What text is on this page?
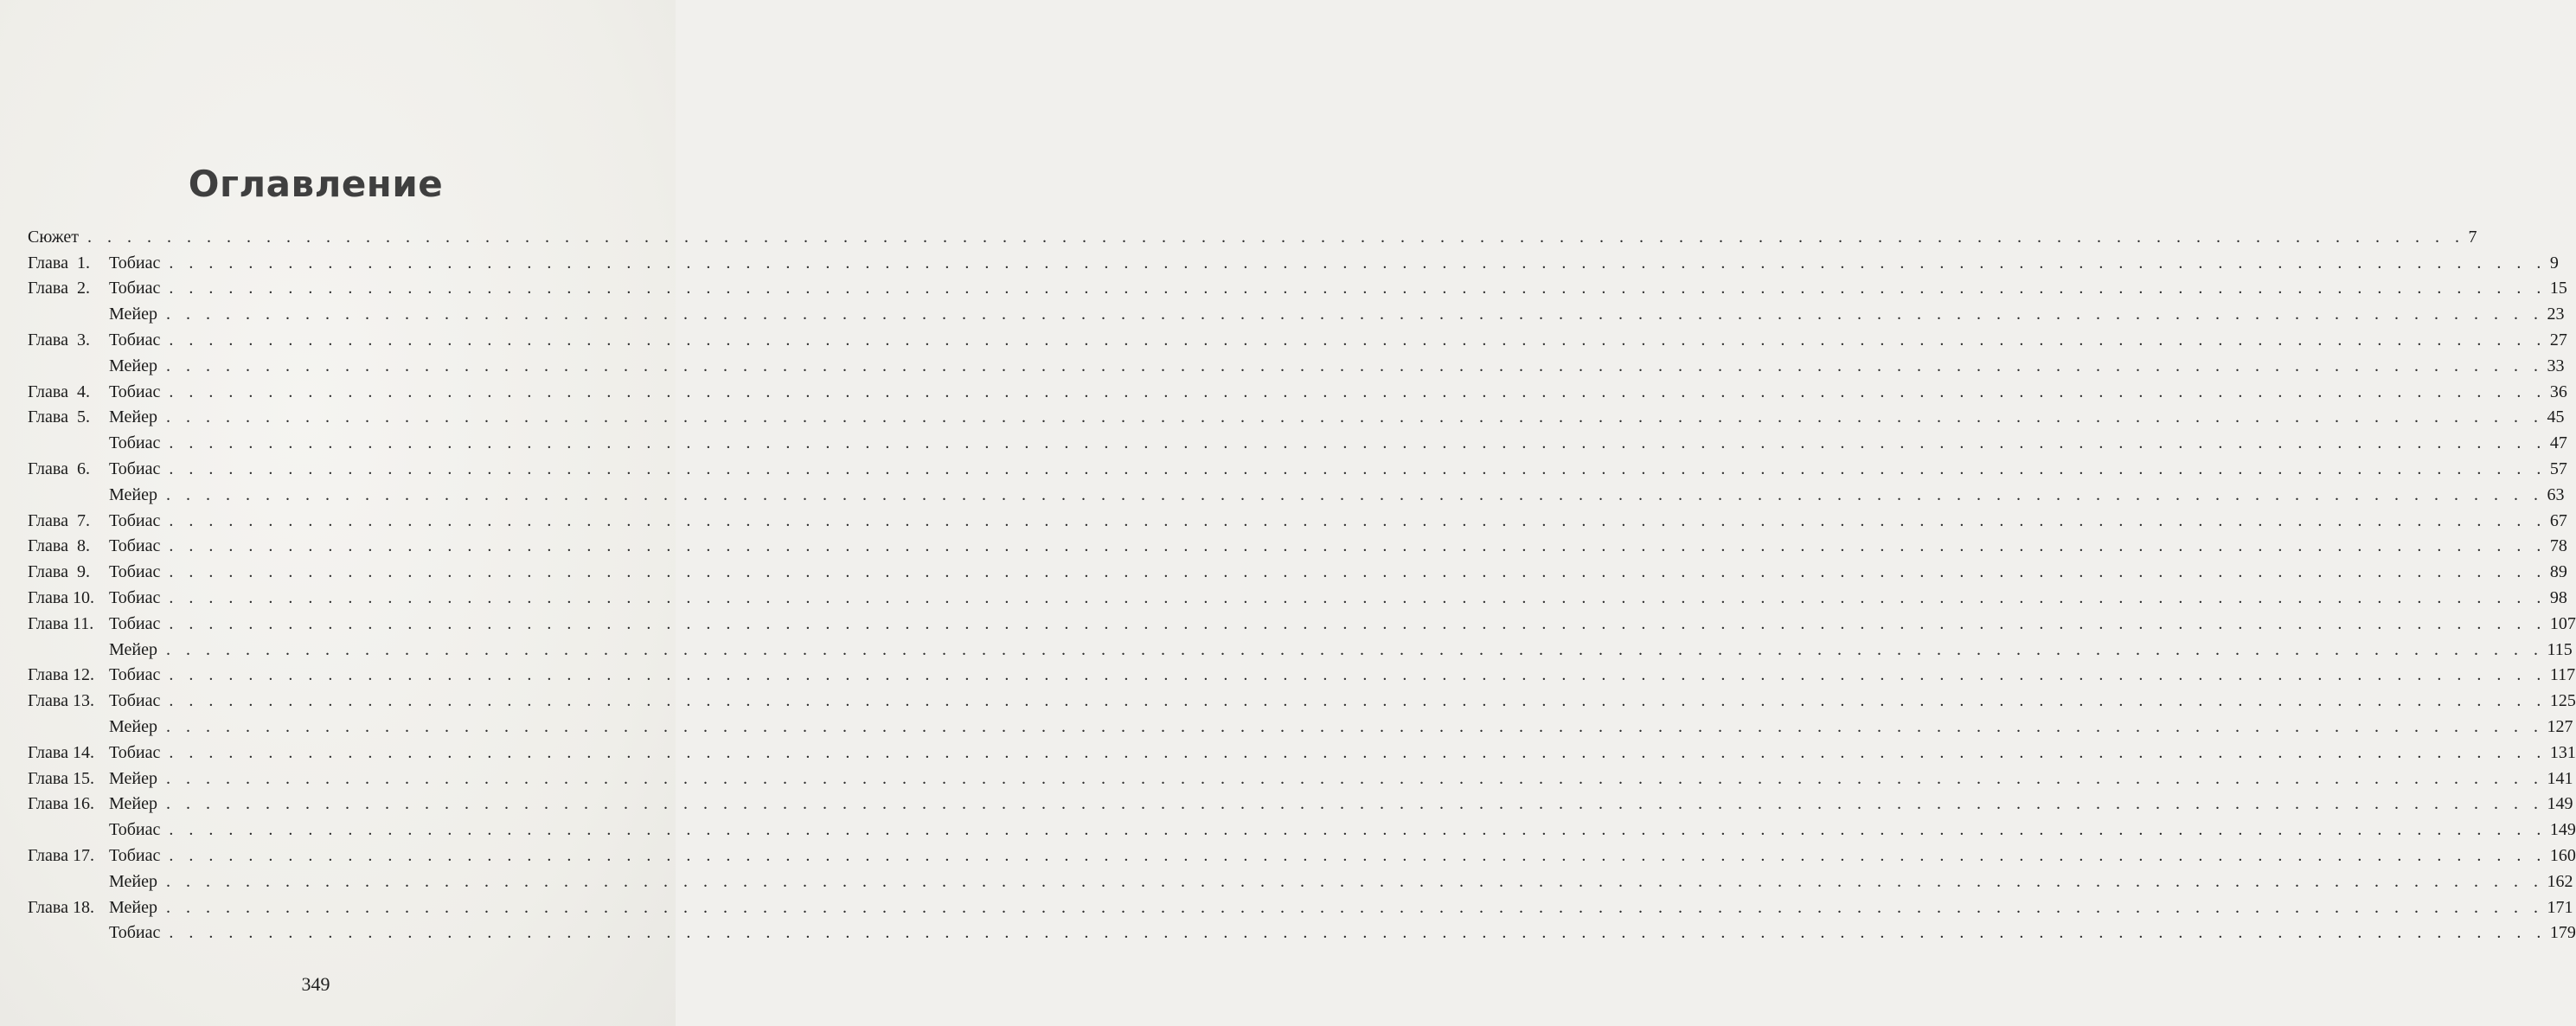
Оглавление
Сюжет . . . . . . . . . . . . . . . . . . . . . . . . . . . . . . . . . . . . . . . . . . . . . . . . . . . . . . . . . . . . . . . . . . . . . . . . . . . . . . . . . . . . . . . . . . . . . . . . . . . . . . . . . . . . . . . . . . . . . . . . 7
Глава  1.	Тобиас . . . . . . . . . . . . . . . . . . . . . . . . . . . . . . . . . . . . . . . . . . . . . . . . . . . . . . . . . . . . . . . . . . . . . . . . . . . . . . . . . . . . . . . . . . . . . . . . . . . . . . . . . . . . . . . . . . . . . . . . 9
Глава  2.	Тобиас . . . . . . . . . . . . . . . . . . . . . . . . . . . . . . . . . . . . . . . . . . . . . . . . . . . . . . . . . . . . . . . . . . . . . . . . . . . . . . . . . . . . . . . . . . . . . . . . . . . . . . . . . . . . . . . . . . . . . . . . 15
Мейер . . . . . . . . . . . . . . . . . . . . . . . . . . . . . . . . . . . . . . . . . . . . . . . . . . . . . . . . . . . . . . . . . . . . . . . . . . . . . . . . . . . . . . . . . . . . . . . . . . . . . . . . . . . . . . . . . . . . . . . . 23
Глава  3.	Тобиас . . . . . . . . . . . . . . . . . . . . . . . . . . . . . . . . . . . . . . . . . . . . . . . . . . . . . . . . . . . . . . . . . . . . . . . . . . . . . . . . . . . . . . . . . . . . . . . . . . . . . . . . . . . . . . . . . . . . . . . . 27
Мейер . . . . . . . . . . . . . . . . . . . . . . . . . . . . . . . . . . . . . . . . . . . . . . . . . . . . . . . . . . . . . . . . . . . . . . . . . . . . . . . . . . . . . . . . . . . . . . . . . . . . . . . . . . . . . . . . . . . . . . . . 33
Глава  4.	Тобиас . . . . . . . . . . . . . . . . . . . . . . . . . . . . . . . . . . . . . . . . . . . . . . . . . . . . . . . . . . . . . . . . . . . . . . . . . . . . . . . . . . . . . . . . . . . . . . . . . . . . . . . . . . . . . . . . . . . . . . . . 36
Глава  5.	Мейер . . . . . . . . . . . . . . . . . . . . . . . . . . . . . . . . . . . . . . . . . . . . . . . . . . . . . . . . . . . . . . . . . . . . . . . . . . . . . . . . . . . . . . . . . . . . . . . . . . . . . . . . . . . . . . . . . . . . . . . . 45
Тобиас . . . . . . . . . . . . . . . . . . . . . . . . . . . . . . . . . . . . . . . . . . . . . . . . . . . . . . . . . . . . . . . . . . . . . . . . . . . . . . . . . . . . . . . . . . . . . . . . . . . . . . . . . . . . . . . . . . . . . . . . 47
Глава  6.	Тобиас . . . . . . . . . . . . . . . . . . . . . . . . . . . . . . . . . . . . . . . . . . . . . . . . . . . . . . . . . . . . . . . . . . . . . . . . . . . . . . . . . . . . . . . . . . . . . . . . . . . . . . . . . . . . . . . . . . . . . . . . 57
Мейер . . . . . . . . . . . . . . . . . . . . . . . . . . . . . . . . . . . . . . . . . . . . . . . . . . . . . . . . . . . . . . . . . . . . . . . . . . . . . . . . . . . . . . . . . . . . . . . . . . . . . . . . . . . . . . . . . . . . . . . . 63
Глава  7.	Тобиас . . . . . . . . . . . . . . . . . . . . . . . . . . . . . . . . . . . . . . . . . . . . . . . . . . . . . . . . . . . . . . . . . . . . . . . . . . . . . . . . . . . . . . . . . . . . . . . . . . . . . . . . . . . . . . . . . . . . . . . . 67
Глава  8.	Тобиас . . . . . . . . . . . . . . . . . . . . . . . . . . . . . . . . . . . . . . . . . . . . . . . . . . . . . . . . . . . . . . . . . . . . . . . . . . . . . . . . . . . . . . . . . . . . . . . . . . . . . . . . . . . . . . . . . . . . . . . . 78
Глава  9.	Тобиас . . . . . . . . . . . . . . . . . . . . . . . . . . . . . . . . . . . . . . . . . . . . . . . . . . . . . . . . . . . . . . . . . . . . . . . . . . . . . . . . . . . . . . . . . . . . . . . . . . . . . . . . . . . . . . . . . . . . . . . . 89
Глава 10. Тобиас . . . . . . . . . . . . . . . . . . . . . . . . . . . . . . . . . . . . . . . . . . . . . . . . . . . . . . . . . . . . . . . . . . . . . . . . . . . . . . . . . . . . . . . . . . . . . . . . . . . . . . . . . . . . . . . . . . . . . . . . 98
Глава 11. Тобиас . . . . . . . . . . . . . . . . . . . . . . . . . . . . . . . . . . . . . . . . . . . . . . . . . . . . . . . . . . . . . . . . . . . . . . . . . . . . . . . . . . . . . . . . . . . . . . . . . . . . . . . . . . . . . . . . . . . . . . . . 107
Мейер . . . . . . . . . . . . . . . . . . . . . . . . . . . . . . . . . . . . . . . . . . . . . . . . . . . . . . . . . . . . . . . . . . . . . . . . . . . . . . . . . . . . . . . . . . . . . . . . . . . . . . . . . . . . . . . . . . . . . . . . 115
Глава 12. Тобиас . . . . . . . . . . . . . . . . . . . . . . . . . . . . . . . . . . . . . . . . . . . . . . . . . . . . . . . . . . . . . . . . . . . . . . . . . . . . . . . . . . . . . . . . . . . . . . . . . . . . . . . . . . . . . . . . . . . . . . . . 117
Глава 13. Тобиас . . . . . . . . . . . . . . . . . . . . . . . . . . . . . . . . . . . . . . . . . . . . . . . . . . . . . . . . . . . . . . . . . . . . . . . . . . . . . . . . . . . . . . . . . . . . . . . . . . . . . . . . . . . . . . . . . . . . . . . . 125
Мейер . . . . . . . . . . . . . . . . . . . . . . . . . . . . . . . . . . . . . . . . . . . . . . . . . . . . . . . . . . . . . . . . . . . . . . . . . . . . . . . . . . . . . . . . . . . . . . . . . . . . . . . . . . . . . . . . . . . . . . . . 127
Глава 14. Тобиас . . . . . . . . . . . . . . . . . . . . . . . . . . . . . . . . . . . . . . . . . . . . . . . . . . . . . . . . . . . . . . . . . . . . . . . . . . . . . . . . . . . . . . . . . . . . . . . . . . . . . . . . . . . . . . . . . . . . . . . . 131
Глава 15. Мейер . . . . . . . . . . . . . . . . . . . . . . . . . . . . . . . . . . . . . . . . . . . . . . . . . . . . . . . . . . . . . . . . . . . . . . . . . . . . . . . . . . . . . . . . . . . . . . . . . . . . . . . . . . . . . . . . . . . . . . . . 141
Глава 16. Мейер . . . . . . . . . . . . . . . . . . . . . . . . . . . . . . . . . . . . . . . . . . . . . . . . . . . . . . . . . . . . . . . . . . . . . . . . . . . . . . . . . . . . . . . . . . . . . . . . . . . . . . . . . . . . . . . . . . . . . . . . 149
Тобиас . . . . . . . . . . . . . . . . . . . . . . . . . . . . . . . . . . . . . . . . . . . . . . . . . . . . . . . . . . . . . . . . . . . . . . . . . . . . . . . . . . . . . . . . . . . . . . . . . . . . . . . . . . . . . . . . . . . . . . . . 149
Глава 17. Тобиас . . . . . . . . . . . . . . . . . . . . . . . . . . . . . . . . . . . . . . . . . . . . . . . . . . . . . . . . . . . . . . . . . . . . . . . . . . . . . . . . . . . . . . . . . . . . . . . . . . . . . . . . . . . . . . . . . . . . . . . . 160
Мейер . . . . . . . . . . . . . . . . . . . . . . . . . . . . . . . . . . . . . . . . . . . . . . . . . . . . . . . . . . . . . . . . . . . . . . . . . . . . . . . . . . . . . . . . . . . . . . . . . . . . . . . . . . . . . . . . . . . . . . . . 162
Глава 18. Мейер . . . . . . . . . . . . . . . . . . . . . . . . . . . . . . . . . . . . . . . . . . . . . . . . . . . . . . . . . . . . . . . . . . . . . . . . . . . . . . . . . . . . . . . . . . . . . . . . . . . . . . . . . . . . . . . . . . . . . . . . 171
Тобиас . . . . . . . . . . . . . . . . . . . . . . . . . . . . . . . . . . . . . . . . . . . . . . . . . . . . . . . . . . . . . . . . . . . . . . . . . . . . . . . . . . . . . . . . . . . . . . . . . . . . . . . . . . . . . . . . . . . . . . . . 179
349
